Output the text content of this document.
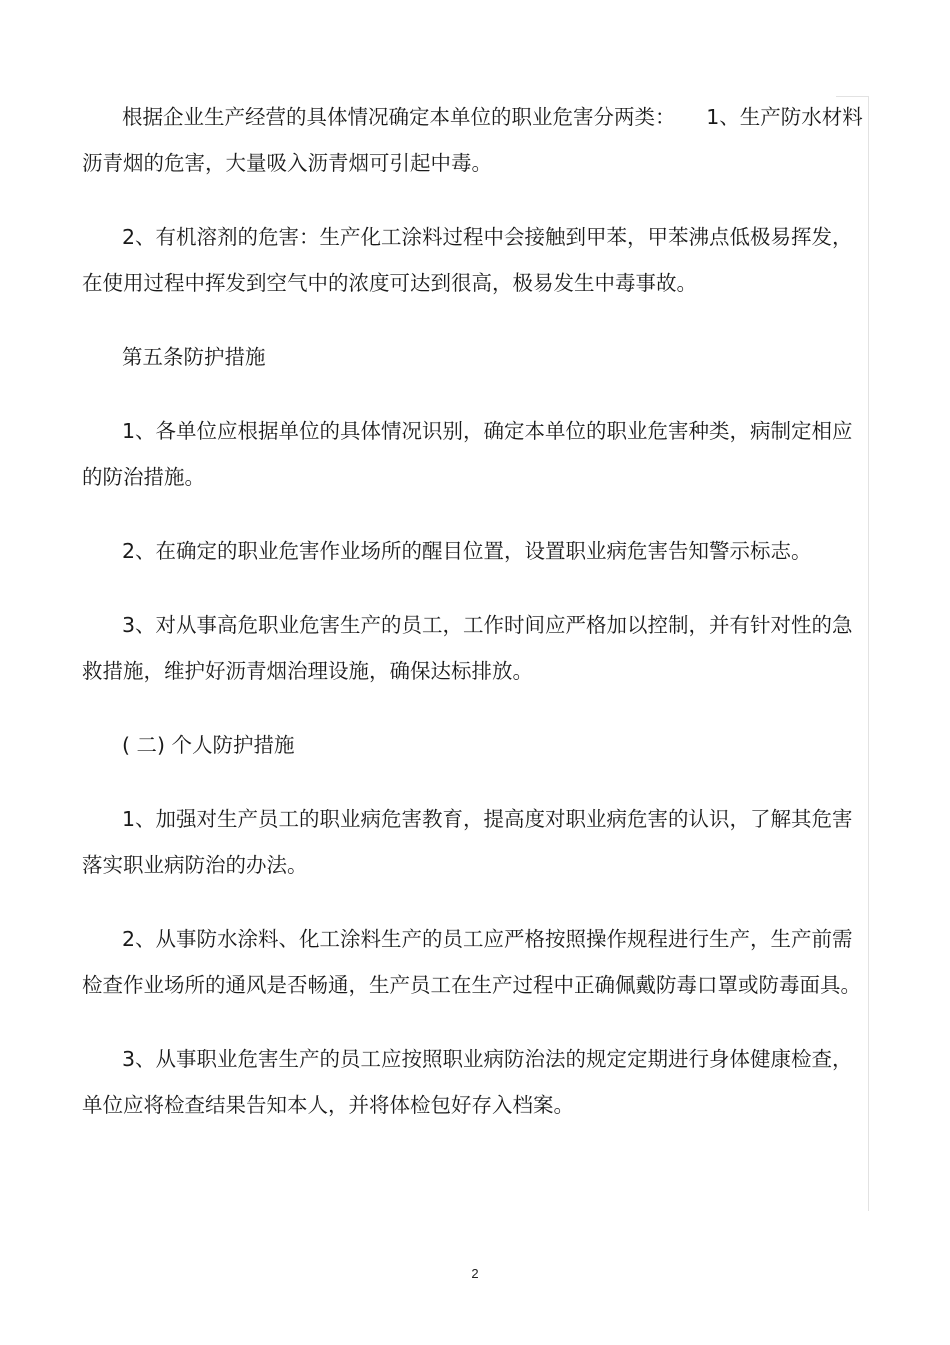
根据企业生产经营的具体情况确定本单位的职业危害分两类：　　1、生产防水材料沥青烟的危害，大量吸入沥青烟可引起中毒。

2、有机溶剂的危害：生产化工涂料过程中会接触到甲苯，甲苯沸点低极易挥发，在使用过程中挥发到空气中的浓度可达到很高，极易发生中毒事故。

第五条防护措施

1、各单位应根据单位的具体情况识别，确定本单位的职业危害种类，病制定相应的防治措施。

2、在确定的职业危害作业场所的醒目位置，设置职业病危害告知警示标志。

3、对从事高危职业危害生产的员工，工作时间应严格加以控制，并有针对性的急救措施，维护好沥青烟治理设施，确保达标排放。

( 二) 个人防护措施

1、加强对生产员工的职业病危害教育，提高度对职业病危害的认识，了解其危害落实职业病防治的办法。

2、从事防水涂料、化工涂料生产的员工应严格按照操作规程进行生产，生产前需检查作业场所的通风是否畅通，生产员工在生产过程中正确佩戴防毒口罩或防毒面具。

3、从事职业危害生产的员工应按照职业病防治法的规定定期进行身体健康检查，单位应将检查结果告知本人，并将体检包好存入档案。

2
